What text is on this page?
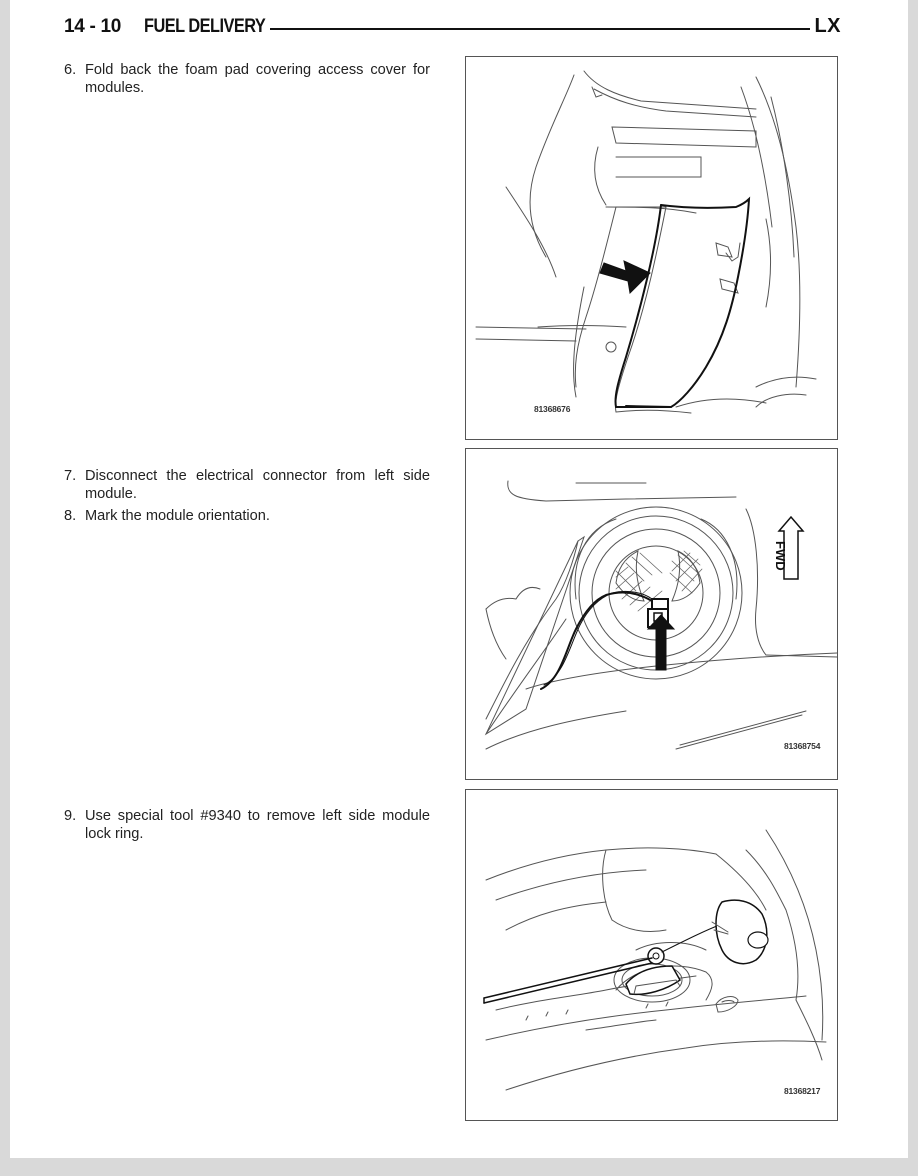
14 - 10 FUEL DELIVERY	LX
6. Fold back the foam pad covering access cover for modules.
7. Disconnect the electrical connector from left side module.
8. Mark the module orientation.
9. Use special tool #9340 to remove left side module lock ring.
81368676
FWD
81368754
81368217
